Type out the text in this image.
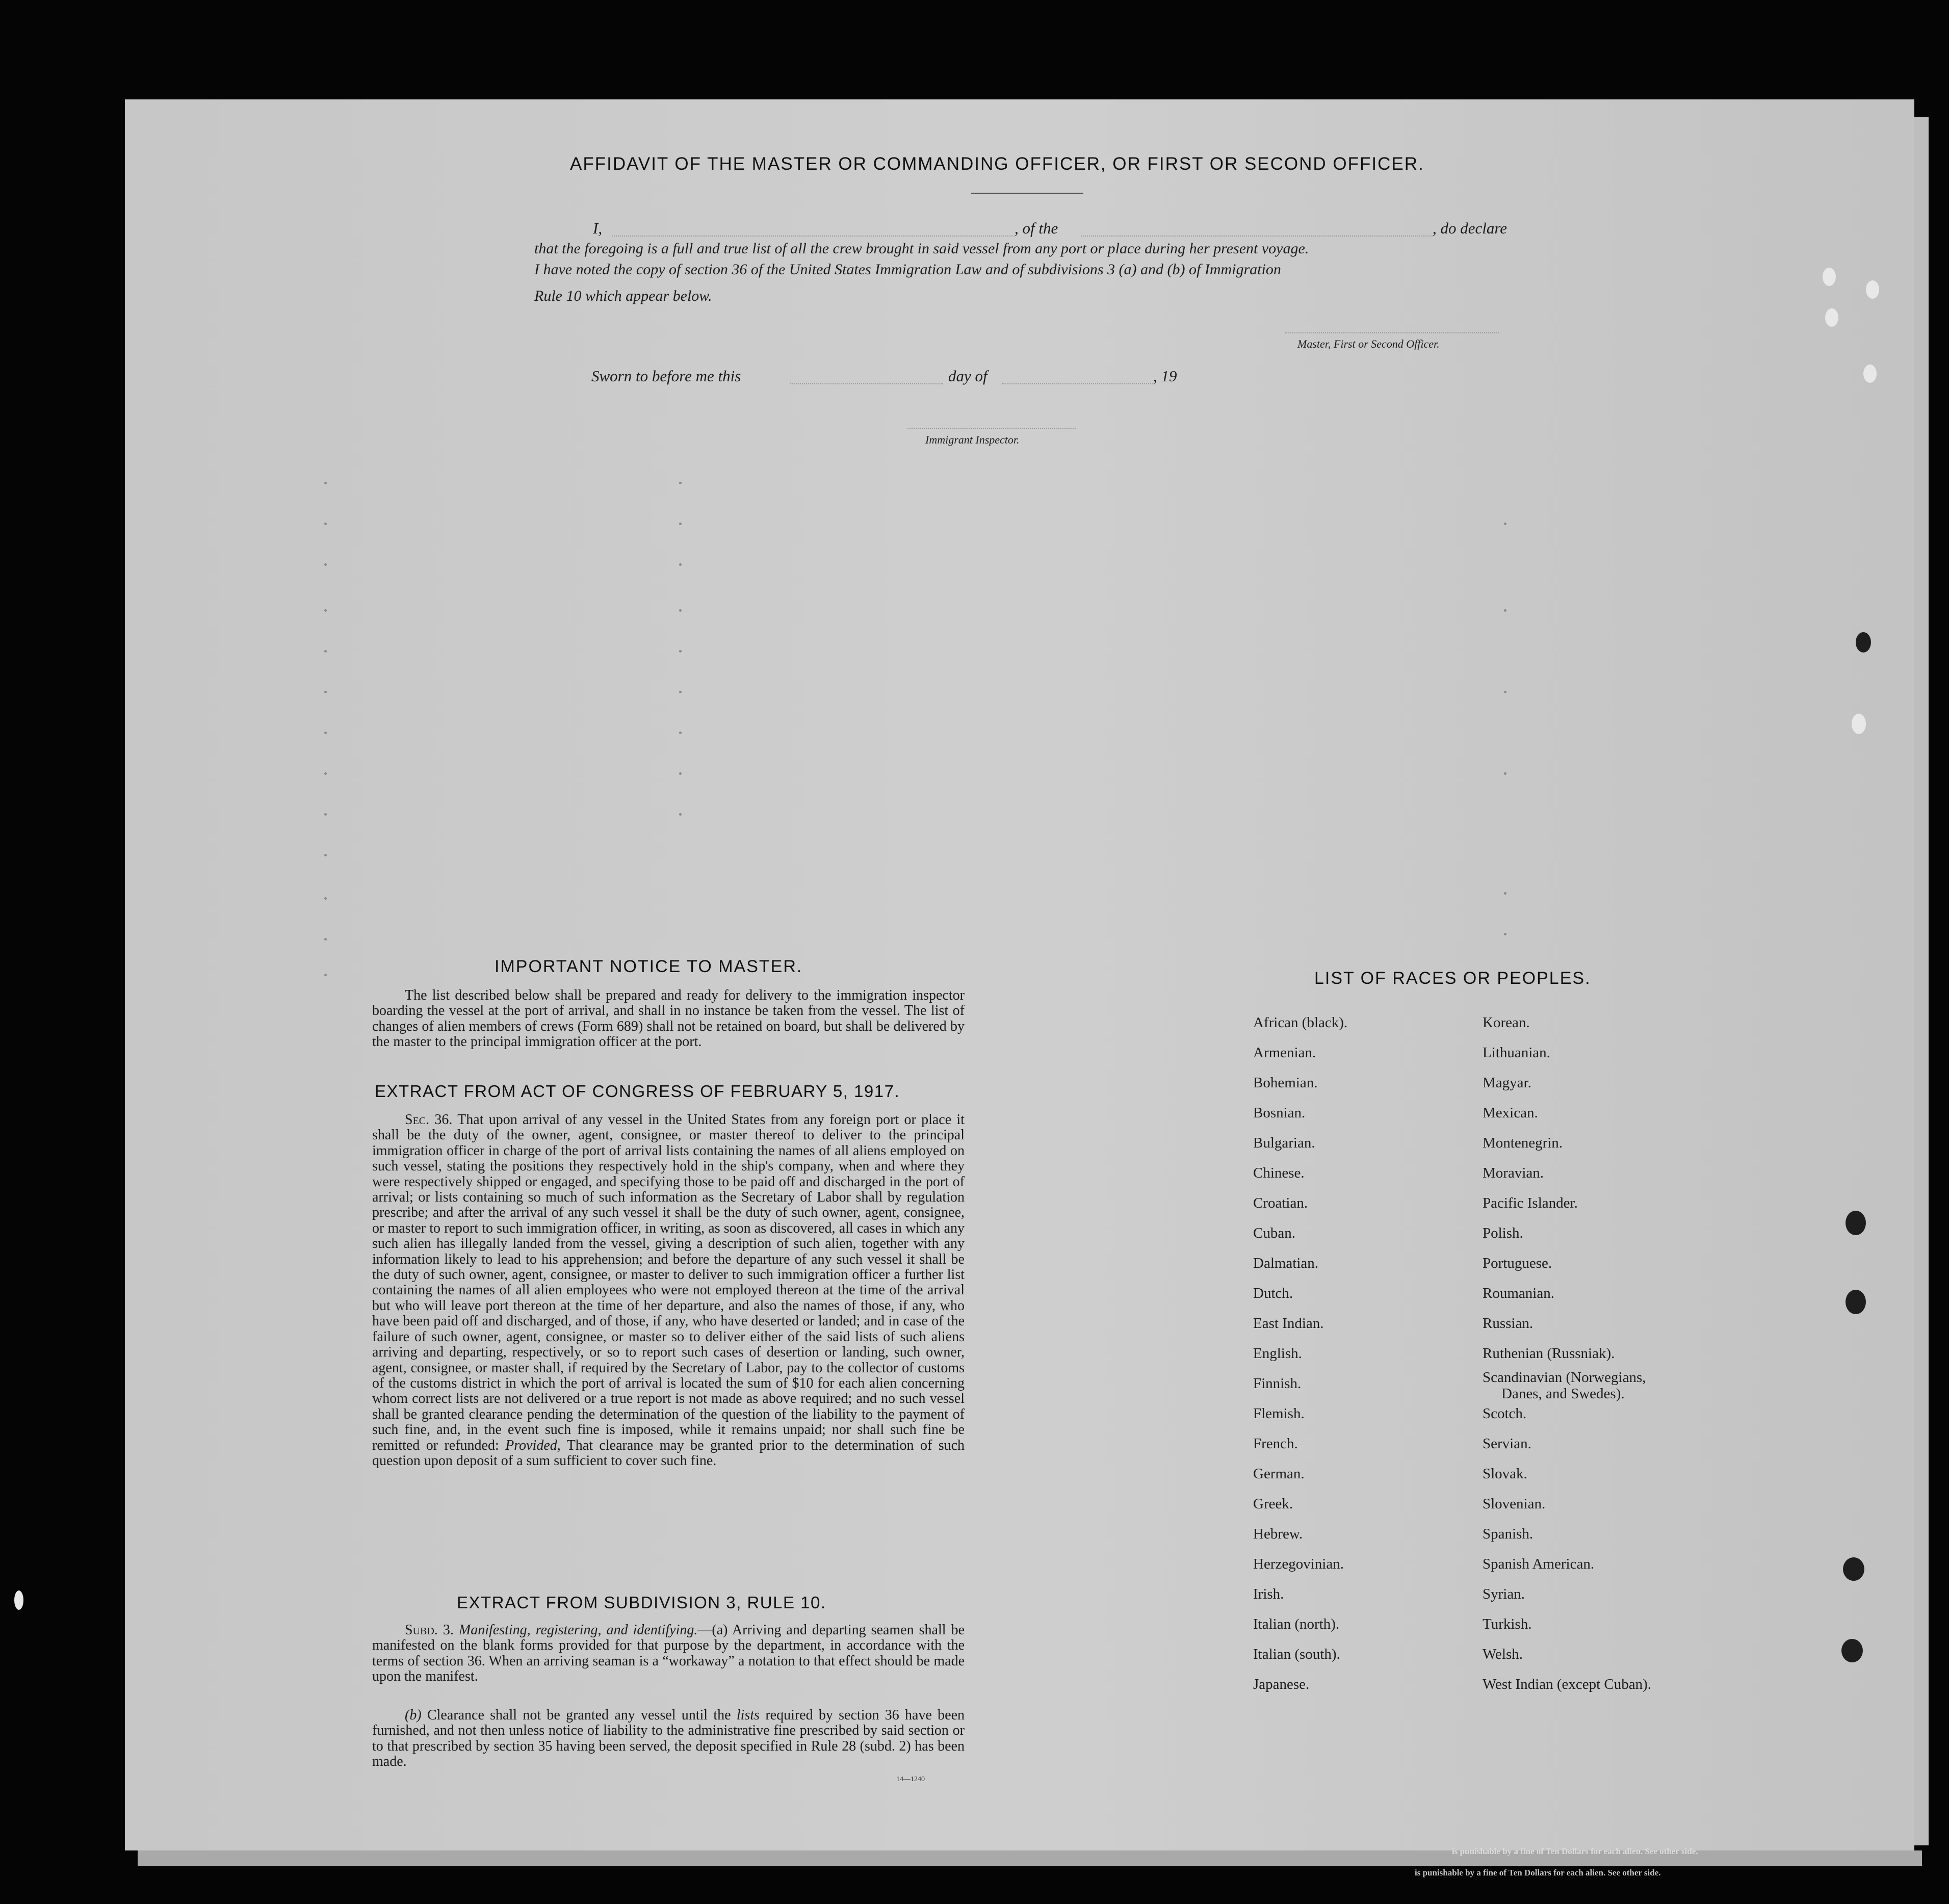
AFFIDAVIT OF THE MASTER OR COMMANDING OFFICER, OR FIRST OR SECOND OFFICER.
I,	, of the	, do declare
that the foregoing is a full and true list of all the crew brought in said vessel from any port or place during her present voyage.
I have noted the copy of section 36 of the United States Immigration Law and of subdivisions 3 (a) and (b) of Immigration
Rule 10 which appear below.
Master, First or Second Officer.
Sworn to before me this	day of	, 19
Immigrant Inspector.
IMPORTANT NOTICE TO MASTER.
The list described below shall be prepared and ready for delivery to the immigration inspector boarding the vessel at the port of arrival, and shall in no instance be taken from the vessel. The list of changes of alien members of crews (Form 689) shall not be retained on board, but shall be delivered by the master to the principal immigration officer at the port.
EXTRACT FROM ACT OF CONGRESS OF FEBRUARY 5, 1917.
Sec. 36. That upon arrival of any vessel in the United States from any foreign port or place it shall be the duty of the owner, agent, consignee, or master thereof to deliver to the principal immigration officer in charge of the port of arrival lists containing the names of all aliens employed on such vessel, stating the positions they respectively hold in the ship's company, when and where they were respectively shipped or engaged, and specifying those to be paid off and discharged in the port of arrival; or lists containing so much of such information as the Secretary of Labor shall by regulation prescribe; and after the arrival of any such vessel it shall be the duty of such owner, agent, consignee, or master to report to such immigration officer, in writing, as soon as discovered, all cases in which any such alien has illegally landed from the vessel, giving a description of such alien, together with any information likely to lead to his apprehension; and before the departure of any such vessel it shall be the duty of such owner, agent, consignee, or master to deliver to such immigration officer a further list containing the names of all alien employees who were not employed thereon at the time of the arrival but who will leave port thereon at the time of her departure, and also the names of those, if any, who have been paid off and discharged, and of those, if any, who have deserted or landed; and in case of the failure of such owner, agent, consignee, or master so to deliver either of the said lists of such aliens arriving and departing, respectively, or so to report such cases of desertion or landing, such owner, agent, consignee, or master shall, if required by the Secretary of Labor, pay to the collector of customs of the customs district in which the port of arrival is located the sum of $10 for each alien concerning whom correct lists are not delivered or a true report is not made as above required; and no such vessel shall be granted clearance pending the determination of the question of the liability to the payment of such fine, and, in the event such fine is imposed, while it remains unpaid; nor shall such fine be remitted or refunded: Provided, That clearance may be granted prior to the determination of such question upon deposit of a sum sufficient to cover such fine.
EXTRACT FROM SUBDIVISION 3, RULE 10.
Subd. 3. Manifesting, registering, and identifying.—(a) Arriving and departing seamen shall be manifested on the blank forms provided for that purpose by the department, in accordance with the terms of section 36. When an arriving seaman is a “workaway” a notation to that effect should be made upon the manifest.
(b) Clearance shall not be granted any vessel until the lists required by section 36 have been furnished, and not then unless notice of liability to the administrative fine prescribed by said section or to that prescribed by section 35 having been served, the deposit specified in Rule 28 (subd. 2) has been made.
14—1240
LIST OF RACES OR PEOPLES.
African (black).
Armenian.
Bohemian.
Bosnian.
Bulgarian.
Chinese.
Croatian.
Cuban.
Dalmatian.
Dutch.
East Indian.
English.
Finnish.
Flemish.
French.
German.
Greek.
Hebrew.
Herzegovinian.
Irish.
Italian (north).
Italian (south).
Japanese.
Korean.
Lithuanian.
Magyar.
Mexican.
Montenegrin.
Moravian.
Pacific Islander.
Polish.
Portuguese.
Roumanian.
Russian.
Ruthenian (Russniak).
Scandinavian (Norwegians,
Danes, and Swedes).
Scotch.
Servian.
Slovak.
Slovenian.
Spanish.
Spanish American.
Syrian.
Turkish.
Welsh.
West Indian (except Cuban).
is punishable by a fine of Ten Dollars for each alien. See other side.
is punishable by a fine of Ten Dollars for each alien. See other side.
